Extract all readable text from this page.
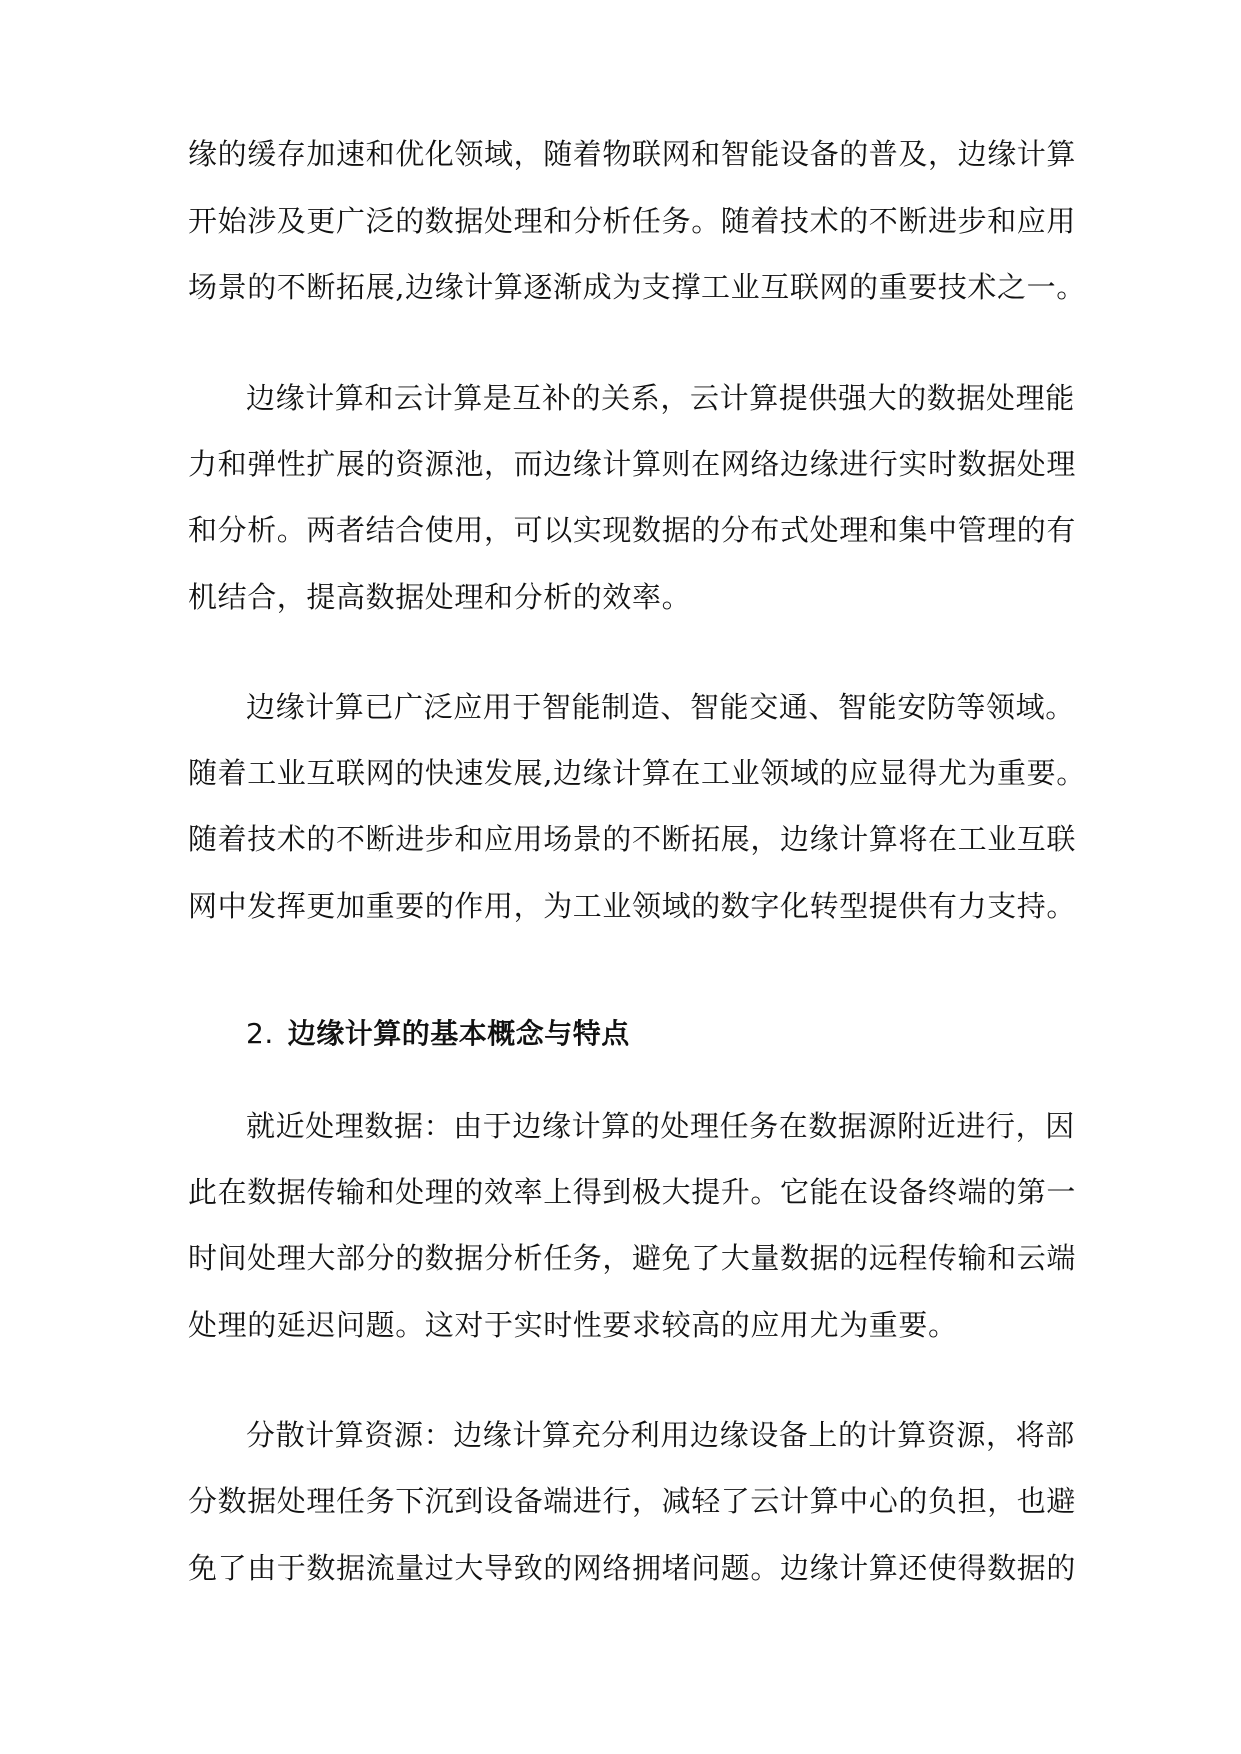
缘的缓存加速和优化领域，随着物联网和智能设备的普及，边缘计算
开始涉及更广泛的数据处理和分析任务。随着技术的不断进步和应用
场景的不断拓展,边缘计算逐渐成为支撑工业互联网的重要技术之一。
边缘计算和云计算是互补的关系，云计算提供强大的数据处理能
力和弹性扩展的资源池，而边缘计算则在网络边缘进行实时数据处理
和分析。两者结合使用，可以实现数据的分布式处理和集中管理的有
机结合，提高数据处理和分析的效率。
边缘计算已广泛应用于智能制造、智能交通、智能安防等领域。
随着工业互联网的快速发展,边缘计算在工业领域的应显得尤为重要。
随着技术的不断进步和应用场景的不断拓展，边缘计算将在工业互联
网中发挥更加重要的作用，为工业领域的数字化转型提供有力支持。
2. 边缘计算的基本概念与特点
就近处理数据：由于边缘计算的处理任务在数据源附近进行，因
此在数据传输和处理的效率上得到极大提升。它能在设备终端的第一
时间处理大部分的数据分析任务，避免了大量数据的远程传输和云端
处理的延迟问题。这对于实时性要求较高的应用尤为重要。
分散计算资源：边缘计算充分利用边缘设备上的计算资源，将部
分数据处理任务下沉到设备端进行，减轻了云计算中心的负担，也避
免了由于数据流量过大导致的网络拥堵问题。边缘计算还使得数据的
